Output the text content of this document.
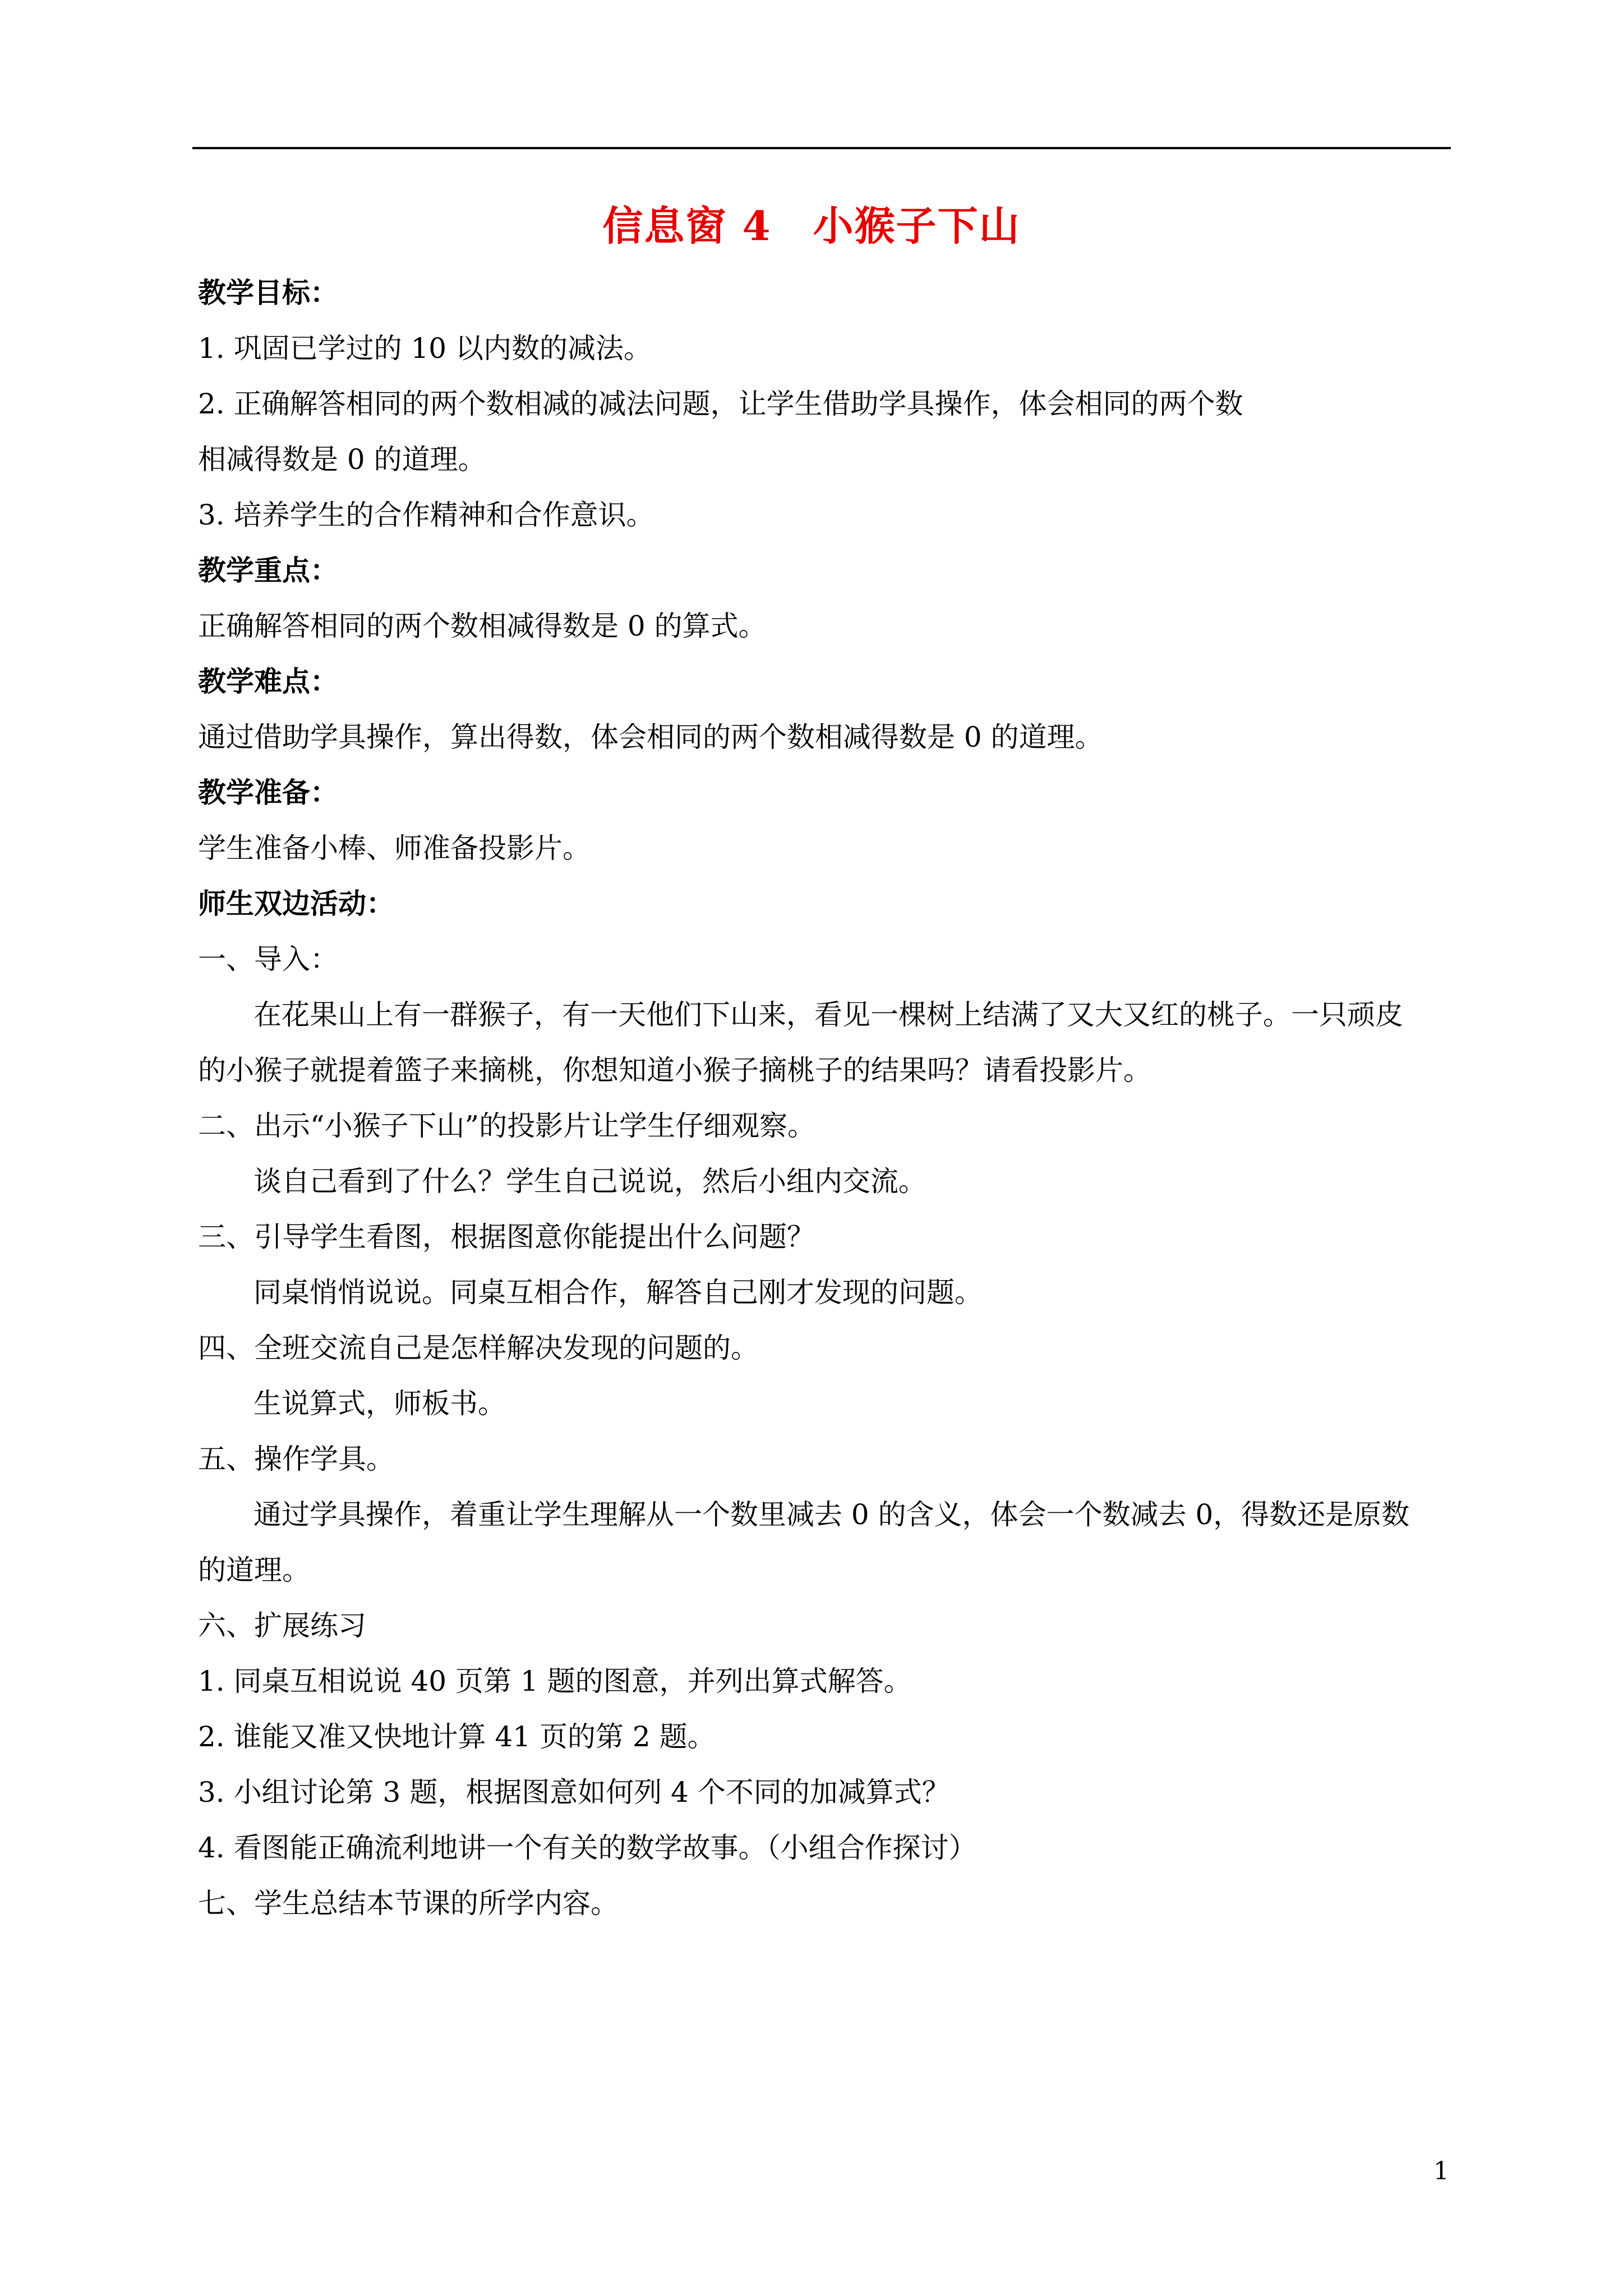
信息窗 4　小猴子下山
教学目标：
1. 巩固已学过的 10 以内数的减法。
2. 正确解答相同的两个数相减的减法问题，让学生借助学具操作，体会相同的两个数
相减得数是 0 的道理。
3. 培养学生的合作精神和合作意识。
教学重点：
正确解答相同的两个数相减得数是 0 的算式。
教学难点：
通过借助学具操作，算出得数，体会相同的两个数相减得数是 0 的道理。
教学准备：
学生准备小棒、师准备投影片。
师生双边活动：
一、导入：
在花果山上有一群猴子，有一天他们下山来，看见一棵树上结满了又大又红的桃子。一只顽皮
的小猴子就提着篮子来摘桃，你想知道小猴子摘桃子的结果吗？请看投影片。
二、出示“小猴子下山”的投影片让学生仔细观察。
谈自己看到了什么？学生自己说说，然后小组内交流。
三、引导学生看图，根据图意你能提出什么问题？
同桌悄悄说说。同桌互相合作，解答自己刚才发现的问题。
四、全班交流自己是怎样解决发现的问题的。
生说算式，师板书。
五、操作学具。
通过学具操作，着重让学生理解从一个数里减去 0 的含义，体会一个数减去 0，得数还是原数
的道理。
六、扩展练习
1. 同桌互相说说 40 页第 1 题的图意，并列出算式解答。
2. 谁能又准又快地计算 41 页的第 2 题。
3. 小组讨论第 3 题，根据图意如何列 4 个不同的加减算式？
4. 看图能正确流利地讲一个有关的数学故事。（小组合作探讨）
七、学生总结本节课的所学内容。
1
